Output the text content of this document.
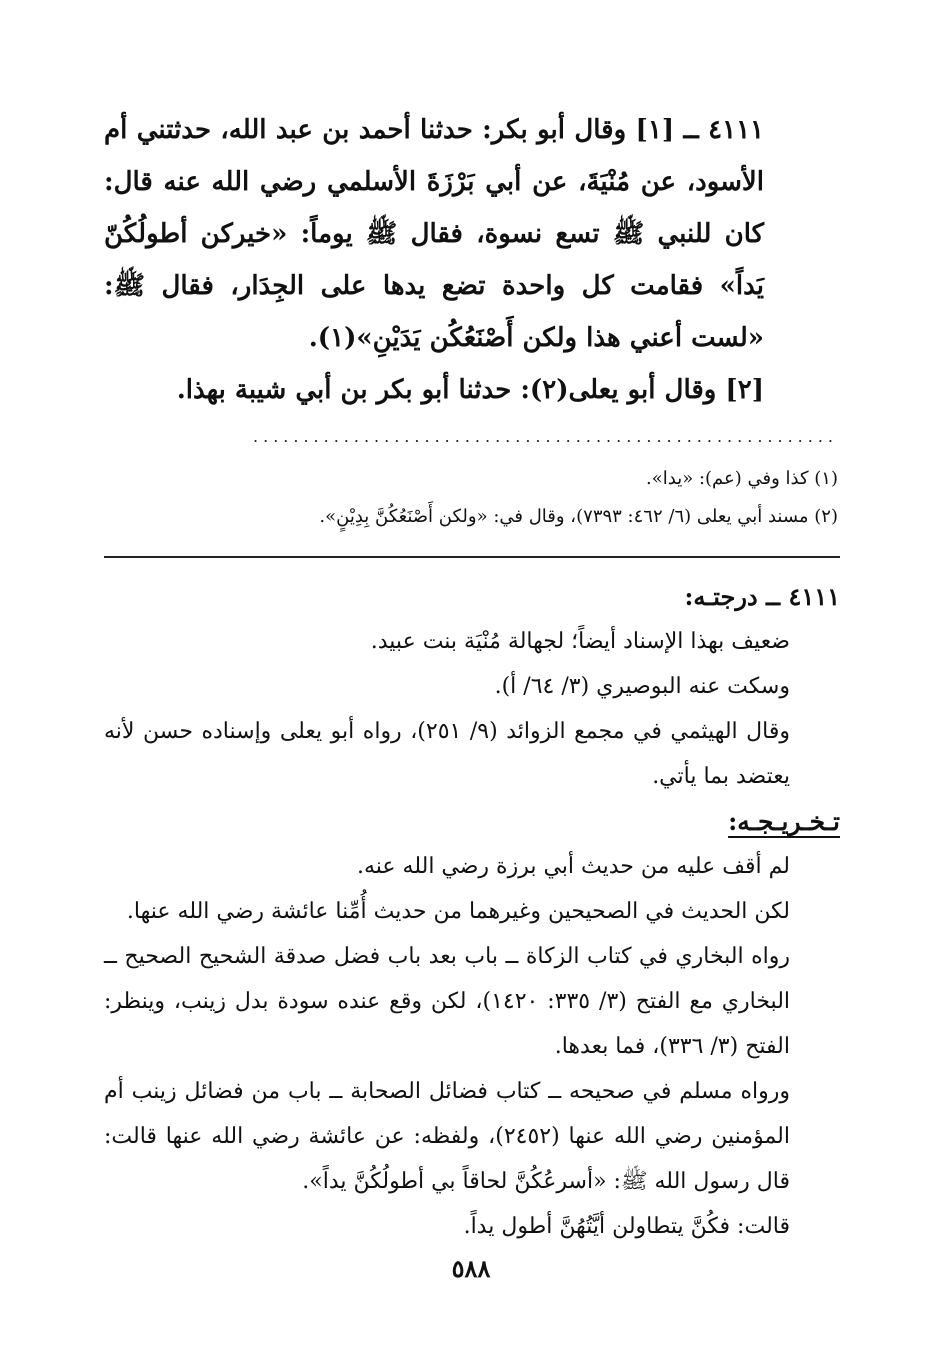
٤١١١ ــ [١] وقال أبو بكر: حدثنا أحمد بن عبد الله، حدثتني أم الأسود، عن مُنْيَةَ، عن أبي بَرْزَةَ الأسلمي رضي الله عنه قال: كان للنبي ﷺ تسع نسوة، فقال ﷺ يوماً: «خيركن أطولُكُنّ يَداً» فقامت كل واحدة تضع يدها على الجِدَار، فقال ﷺ: «لست أعني هذا ولكن أَصْنَعُكُن يَدَيْنِ»(١).

[٢] وقال أبو يعلى(٢): حدثنا أبو بكر بن أبي شيبة بهذا.

..........................................................

(١) كذا وفي (عم): «يدا».

(٢) مسند أبي يعلى (٦/ ٤٦٢: ٧٣٩٣)، وقال في: «ولكن أَصْنَعُكُنَّ بِدِيْنٍ».

٤١١١ ــ درجتـه:

ضعيف بهذا الإسناد أيضاً؛ لجهالة مُنْيَة بنت عبيد.

وسكت عنه البوصيري (٣/ ٦٤/ أ).

وقال الهيثمي في مجمع الزوائد (٩/ ٢٥١)، رواه أبو يعلى وإسناده حسن لأنه يعتضد بما يأتي.

تـخـريـجـه:

لم أقف عليه من حديث أبي برزة رضي الله عنه.

لكن الحديث في الصحيحين وغيرهما من حديث أُمِّنا عائشة رضي الله عنها.

رواه البخاري في كتاب الزكاة ــ باب بعد باب فضل صدقة الشحيح الصحيح ــ البخاري مع الفتح (٣/ ٣٣٥: ١٤٢٠)، لكن وقع عنده سودة بدل زينب، وينظر: الفتح (٣/ ٣٣٦)، فما بعدها.

ورواه مسلم في صحيحه ــ كتاب فضائل الصحابة ــ باب من فضائل زينب أم المؤمنين رضي الله عنها (٢٤٥٢)، ولفظه: عن عائشة رضي الله عنها قالت: قال رسول الله ﷺ: «أسرعُكُنَّ لحاقاً بي أطولُكُنَّ يداً».

قالت: فكُنَّ يتطاولن أيَّتُهُنَّ أطول يداً.

٥٨٨
